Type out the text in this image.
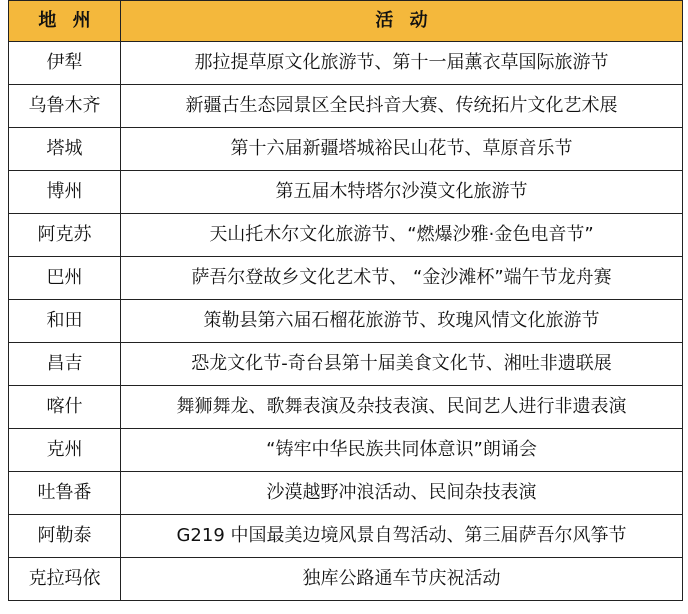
地州	活动
伊犁	那拉提草原文化旅游节、第十一届薰衣草国际旅游节
乌鲁木齐	新疆古生态园景区全民抖音大赛、传统拓片文化艺术展
塔城	第十六届新疆塔城裕民山花节、草原音乐节
博州	第五届木特塔尔沙漠文化旅游节
阿克苏	天山托木尔文化旅游节、“燃爆沙雅·金色电音节”
巴州	萨吾尔登故乡文化艺术节、 “金沙滩杯”端午节龙舟赛
和田	策勒县第六届石榴花旅游节、玫瑰风情文化旅游节
昌吉	恐龙文化节-奇台县第十届美食文化节、湘吐非遗联展
喀什	舞狮舞龙、歌舞表演及杂技表演、民间艺人进行非遗表演
克州	“铸牢中华民族共同体意识”朗诵会
吐鲁番	沙漠越野冲浪活动、民间杂技表演
阿勒泰	G219 中国最美边境风景自驾活动、第三届萨吾尔风筝节
克拉玛依	独库公路通车节庆祝活动
